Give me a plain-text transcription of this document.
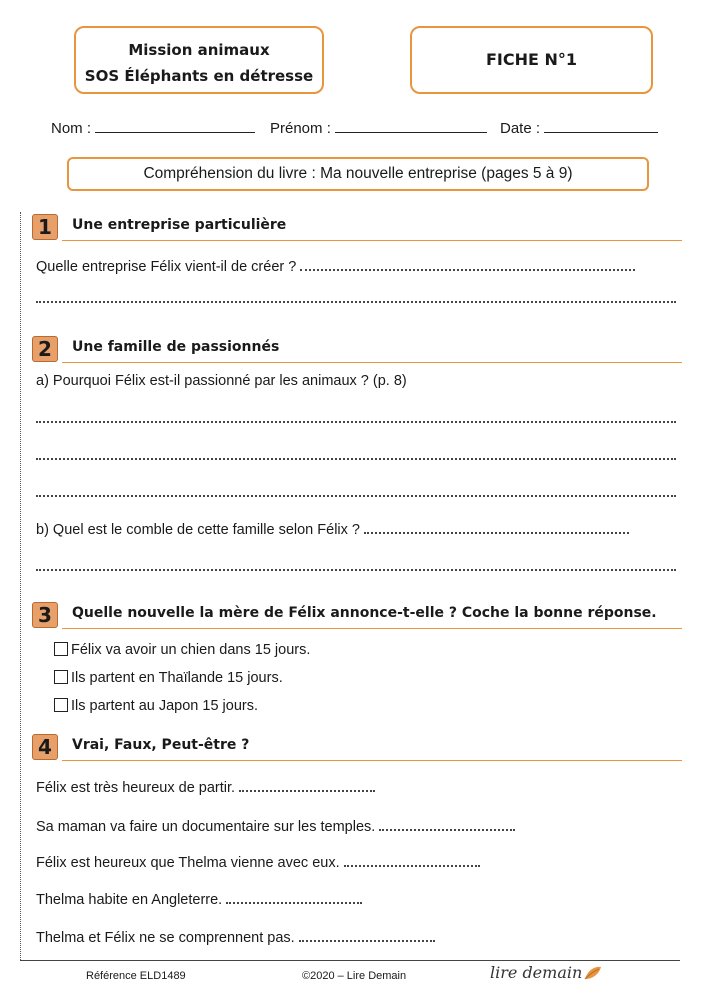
Mission animaux
SOS Éléphants en détresse
FICHE N°1
Nom :	Prénom :	Date :
Compréhension du livre : Ma nouvelle entreprise (pages 5 à 9)
1	Une entreprise particulière
Quelle entreprise Félix vient-il de créer ?
2	Une famille de passionnés
a) Pourquoi Félix est-il passionné par les animaux ? (p. 8)
b) Quel est le comble de cette famille selon Félix ?
3	Quelle nouvelle la mère de Félix annonce-t-elle ? Coche la bonne réponse.
Félix va avoir un chien dans 15 jours.
Ils partent en Thaïlande 15 jours.
Ils partent au Japon 15 jours.
4	Vrai, Faux, Peut-être ?
Félix est très heureux de partir.
Sa maman va faire un documentaire sur les temples.
Félix est heureux que Thelma vienne avec eux.
Thelma habite en Angleterre.
Thelma et Félix ne se comprennent pas.
Référence ELD1489	©2020 – Lire Demain	lire demain
